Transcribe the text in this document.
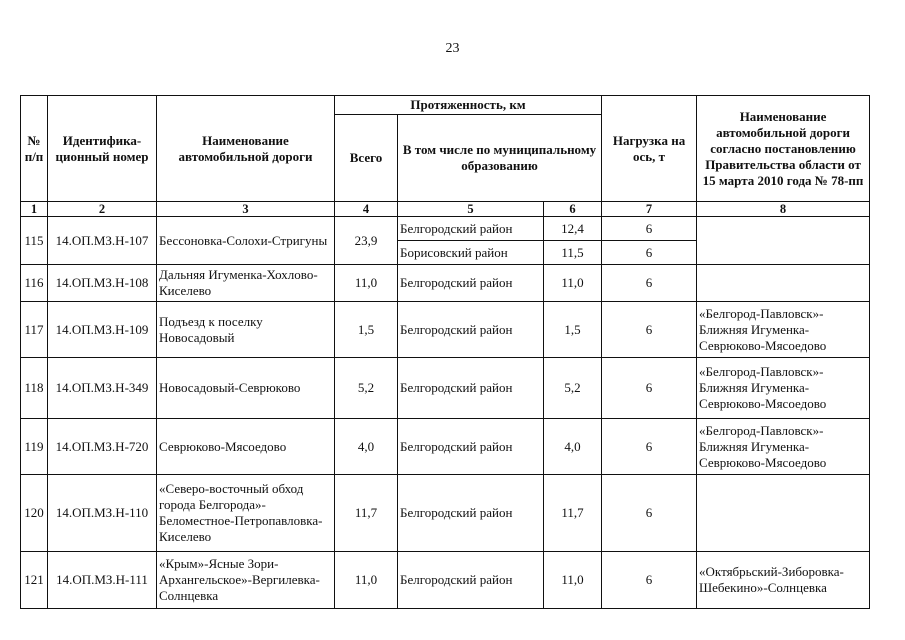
23
№ п/п	Идентифика-ционный номер	Наименование автомобильной дороги	Протяженность, км			Нагрузка на ось, т	Наименование автомобильной дороги согласно постановлению Правительства области от 15 марта 2010 года № 78-пп
			Всего	В том числе по муниципальному образованию			
1	2	3	4	5	6	7	8
115	14.ОП.МЗ.Н-107	Бессоновка-Солохи-Стригуны	23,9	Белгородский район	12,4	6	
				Борисовский район	11,5	6	
116	14.ОП.МЗ.Н-108	Дальняя Игуменка-Хохлово-Киселево	11,0	Белгородский район	11,0	6	
117	14.ОП.МЗ.Н-109	Подъезд к поселку Новосадовый	1,5	Белгородский район	1,5	6	«Белгород-Павловск»-Ближняя Игуменка-Севрюково-Мясоедово
118	14.ОП.МЗ.Н-349	Новосадовый-Севрюково	5,2	Белгородский район	5,2	6	«Белгород-Павловск»-Ближняя Игуменка-Севрюково-Мясоедово
119	14.ОП.МЗ.Н-720	Севрюково-Мясоедово	4,0	Белгородский район	4,0	6	«Белгород-Павловск»-Ближняя Игуменка-Севрюково-Мясоедово
120	14.ОП.МЗ.Н-110	«Северо-восточный обход города Белгорода»-Беломестное-Петропавловка-Киселево	11,7	Белгородский район	11,7	6	
121	14.ОП.МЗ.Н-111	«Крым»-Ясные Зори-Архангельское»-Вергилевка-Солнцевка	11,0	Белгородский район	11,0	6	«Октябрьский-Зиборовка-Шебекино»-Солнцевка
